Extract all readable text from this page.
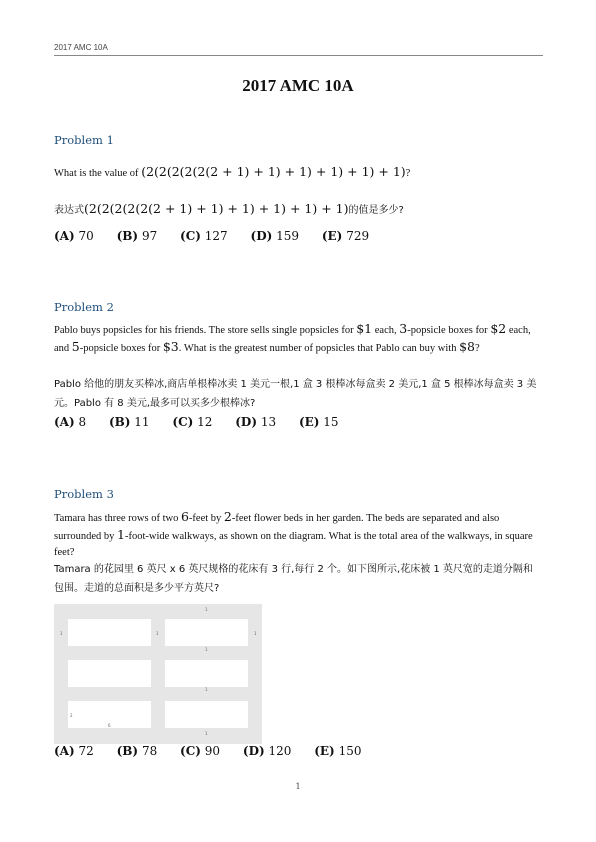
2017 AMC 10A
2017 AMC 10A
Problem 1
What is the value of (2(2(2(2(2(2 + 1) + 1) + 1) + 1) + 1) + 1)?
表达式(2(2(2(2(2(2 + 1) + 1) + 1) + 1) + 1) + 1)的值是多少?
(A) 70 (B) 97 (C) 127 (D) 159 (E) 729
Problem 2
Pablo buys popsicles for his friends. The store sells single popsicles for $1 each, 3-popsicle boxes for $2 each, and 5-popsicle boxes for $3. What is the greatest number of popsicles that Pablo can buy with $8?
Pablo 给他的朋友买棒冰,商店单根棒冰卖 1 美元一根,1 盒 3 根棒冰每盒卖 2 美元,1 盒 5 根棒冰每盒卖 3 美元。Pablo 有 8 美元,最多可以买多少根棒冰?
(A) 8 (B) 11 (C) 12 (D) 13 (E) 15
Problem 3
Tamara has three rows of two 6-feet by 2-feet flower beds in her garden. The beds are separated and also surrounded by 1-foot-wide walkways, as shown on the diagram. What is the total area of the walkways, in square feet?
Tamara 的花园里 6 英尺 x 6 英尺规格的花床有 3 行,每行 2 个。如下图所示,花床被 1 英尺宽的走道分隔和包围。走道的总面积是多少平方英尺?
1	1	1
1
1
1
1
2
6
(A) 72 (B) 78 (C) 90 (D) 120 (E) 150
1
